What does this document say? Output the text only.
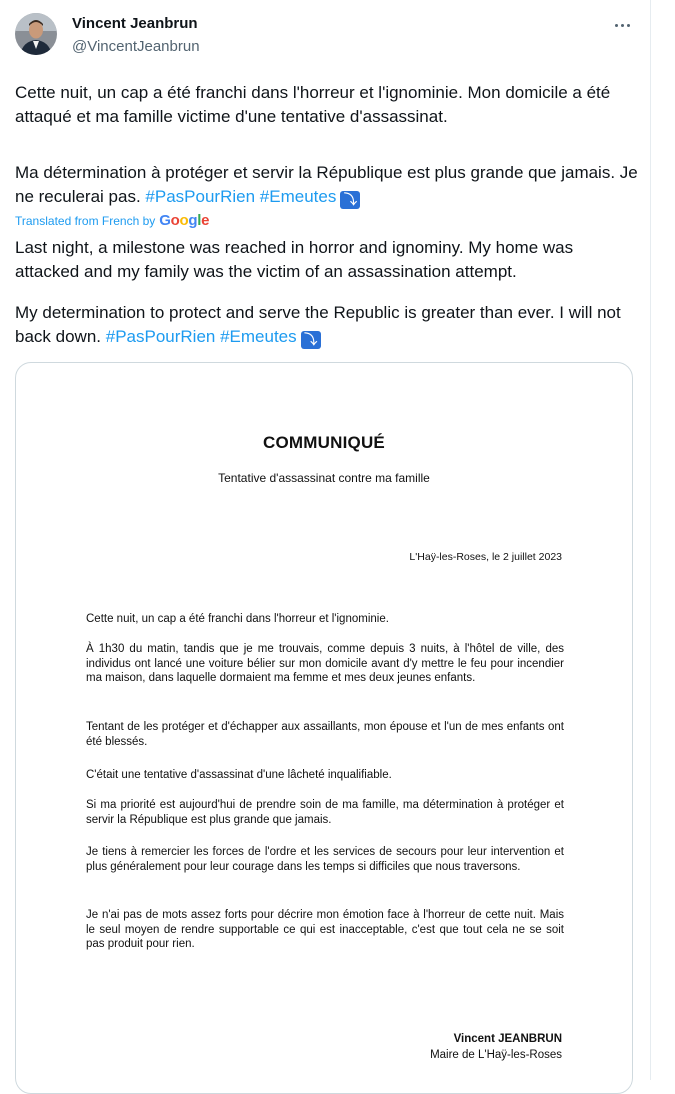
Vincent Jeanbrun
@VincentJeanbrun
Cette nuit, un cap a été franchi dans l'horreur et l'ignominie. Mon domicile a été attaqué et ma famille victime d'une tentative d'assassinat.
Ma détermination à protéger et servir la République est plus grande que jamais. Je ne reculerai pas. #PasPourRien #Emeutes ⤵
Translated from French by Google
Last night, a milestone was reached in horror and ignominy. My home was attacked and my family was the victim of an assassination attempt.
My determination to protect and serve the Republic is greater than ever. I will not back down. #PasPourRien #Emeutes ⤵
COMMUNIQUÉ
Tentative d'assassinat contre ma famille
L'Haÿ-les-Roses, le 2 juillet 2023
Cette nuit, un cap a été franchi dans l'horreur et l'ignominie.
À 1h30 du matin, tandis que je me trouvais, comme depuis 3 nuits, à l'hôtel de ville, des individus ont lancé une voiture bélier sur mon domicile avant d'y mettre le feu pour incendier ma maison, dans laquelle dormaient ma femme et mes deux jeunes enfants.
Tentant de les protéger et d'échapper aux assaillants, mon épouse et l'un de mes enfants ont été blessés.
C'était une tentative d'assassinat d'une lâcheté inqualifiable.
Si ma priorité est aujourd'hui de prendre soin de ma famille, ma détermination à protéger et servir la République est plus grande que jamais.
Je tiens à remercier les forces de l'ordre et les services de secours pour leur intervention et plus généralement pour leur courage dans les temps si difficiles que nous traversons.
Je n'ai pas de mots assez forts pour décrire mon émotion face à l'horreur de cette nuit. Mais le seul moyen de rendre supportable ce qui est inacceptable, c'est que tout cela ne se soit pas produit pour rien.
Vincent JEANBRUN
Maire de L'Haÿ-les-Roses
